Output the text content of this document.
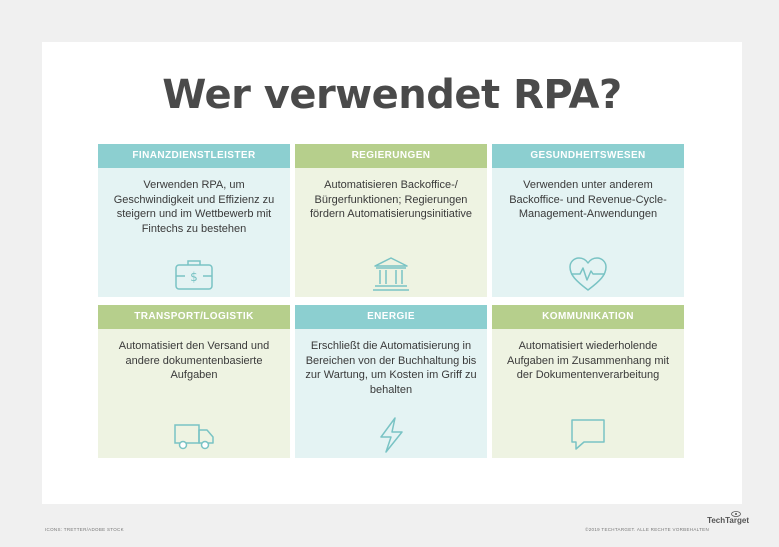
Wer verwendet RPA?
FINANZDIENSTLEISTER
Verwenden RPA, um Geschwindigkeit und Effizienz zu steigern und im Wettbewerb mit Fintechs zu bestehen
$
REGIERUNGEN
Automatisieren Backoffice-/ Bürgerfunktionen; Regierungen fördern Automatisierungsinitiative
GESUNDHEITSWESEN
Verwenden unter anderem Backoffice- und Revenue-Cycle-Management-Anwendungen
TRANSPORT/LOGISTIK
Automatisiert den Versand und andere dokumentenbasierte Aufgaben
ENERGIE
Erschließt die Automatisierung in Bereichen von der Buchhaltung bis zur Wartung, um Kosten im Griff zu behalten
KOMMUNIKATION
Automatisiert wiederholende Aufgaben im Zusammenhang mit der Dokumentenverarbeitung
ICONS: TRETTER/ADOBE STOCK	©2019 TECHTARGET. ALLE RECHTE VORBEHALTEN
TechTarget
